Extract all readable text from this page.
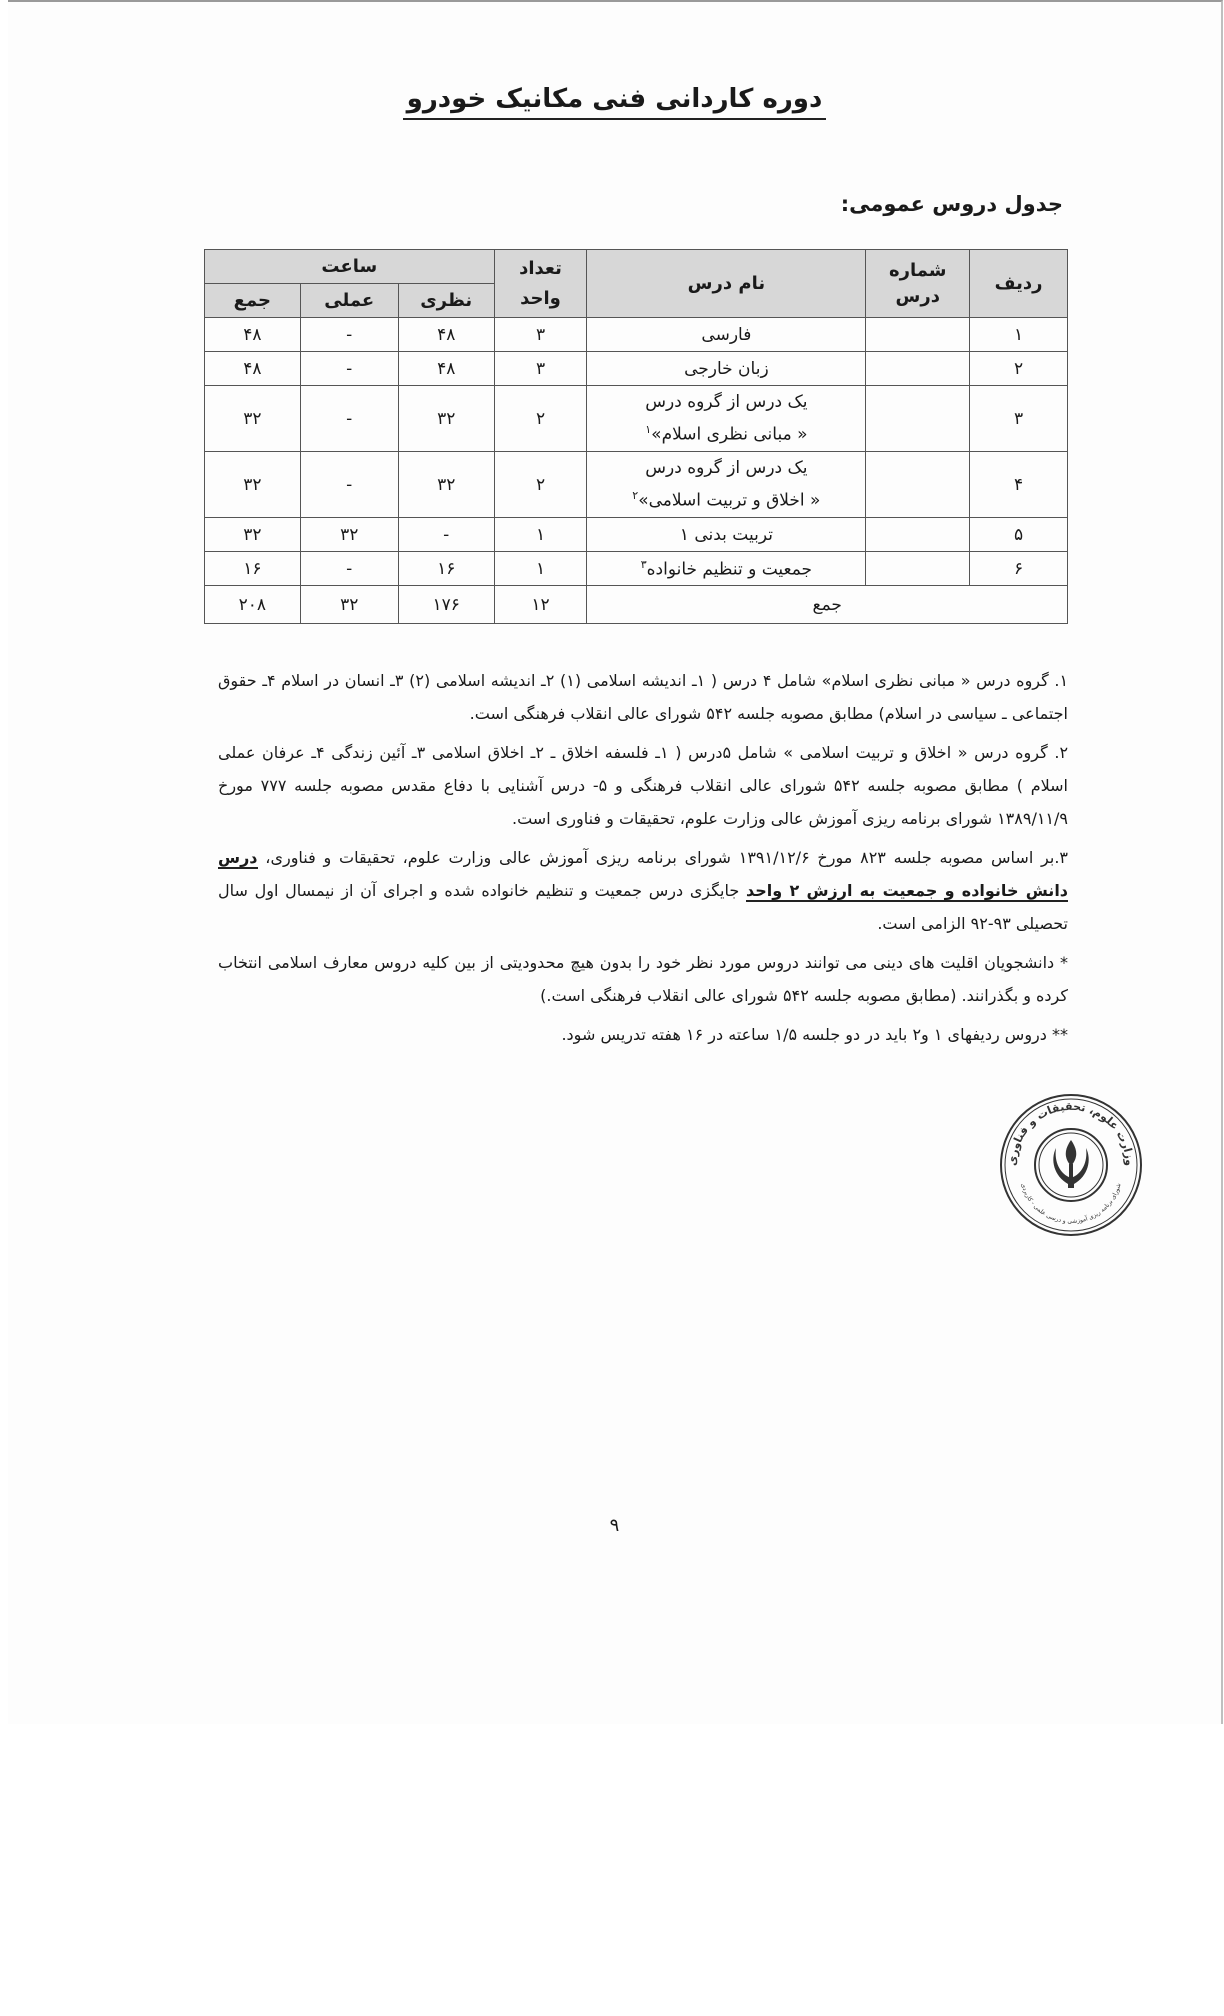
دوره کاردانی فنی مکانیک خودرو
جدول دروس عمومی:
ردیف	شماره درس	نام درس	تعداد واحد	ساعت		
				نظری	عملی	جمع
۱		فارسی	۳	۴۸	-	۴۸
۲		زبان خارجی	۳	۴۸	-	۴۸
۳		یک درس از گروه درس
« مبانی نظری اسلام»$^۱$	۲	۳۲	-	۳۲
۴		یک درس از گروه درس
« اخلاق و تربیت اسلامی»$^۲$	۲	۳۲	-	۳۲
۵		تربیت بدنی ۱	۱	-	۳۲	۳۲
۶		جمعیت و تنظیم خانواده$^۳$	۱	۱۶	-	۱۶
جمع			۱۲	۱۷۶	۳۲	۲۰۸

۱. گروه درس « مبانی نظری اسلام» شامل ۴ درس ( ۱ـ اندیشه اسلامی (۱) ۲ـ اندیشه اسلامی (۲) ۳ـ انسان در اسلام ۴ـ حقوق اجتماعی ـ سیاسی در اسلام) مطابق مصوبه جلسه ۵۴۲ شورای عالی انقلاب فرهنگی است.

۲. گروه درس « اخلاق و تربیت اسلامی » شامل ۵درس ( ۱ـ فلسفه اخلاق ـ ۲ـ اخلاق اسلامی ۳ـ آئین زندگی ۴ـ عرفان عملی اسلام ) مطابق مصوبه جلسه ۵۴۲ شورای عالی انقلاب فرهنگی و ۵- درس آشنایی با دفاع مقدس مصوبه جلسه ۷۷۷ مورخ ۱۳۸۹/۱۱/۹ شورای برنامه ریزی آموزش عالی وزارت علوم، تحقیقات و فناوری است.

۳.بر اساس مصوبه جلسه ۸۲۳ مورخ ۱۳۹۱/۱۲/۶ شورای برنامه ریزی آموزش عالی وزارت علوم، تحقیقات و فناوری، درس دانش خانواده و جمعیت به ارزش ۲ واحد جایگزی درس جمعیت و تنظیم خانواده شده و اجرای آن از نیمسال اول سال تحصیلی ۹۳-۹۲ الزامی است.

* دانشجویان اقلیت های دینی می توانند دروس مورد نظر خود را بدون هیچ محدودیتی از بین کلیه دروس معارف اسلامی انتخاب کرده و بگذرانند. (مطابق مصوبه جلسه ۵۴۲ شورای عالی انقلاب فرهنگی است.)

** دروس ردیفهای ۱ و۲ باید در دو جلسه ۱/۵ ساعته در ۱۶ هفته تدریس شود.

وزارت علوم، تحقیقات و فناوری
شورای برنامه ریزی آموزشی و درسی علمی - کاربردی
۹
